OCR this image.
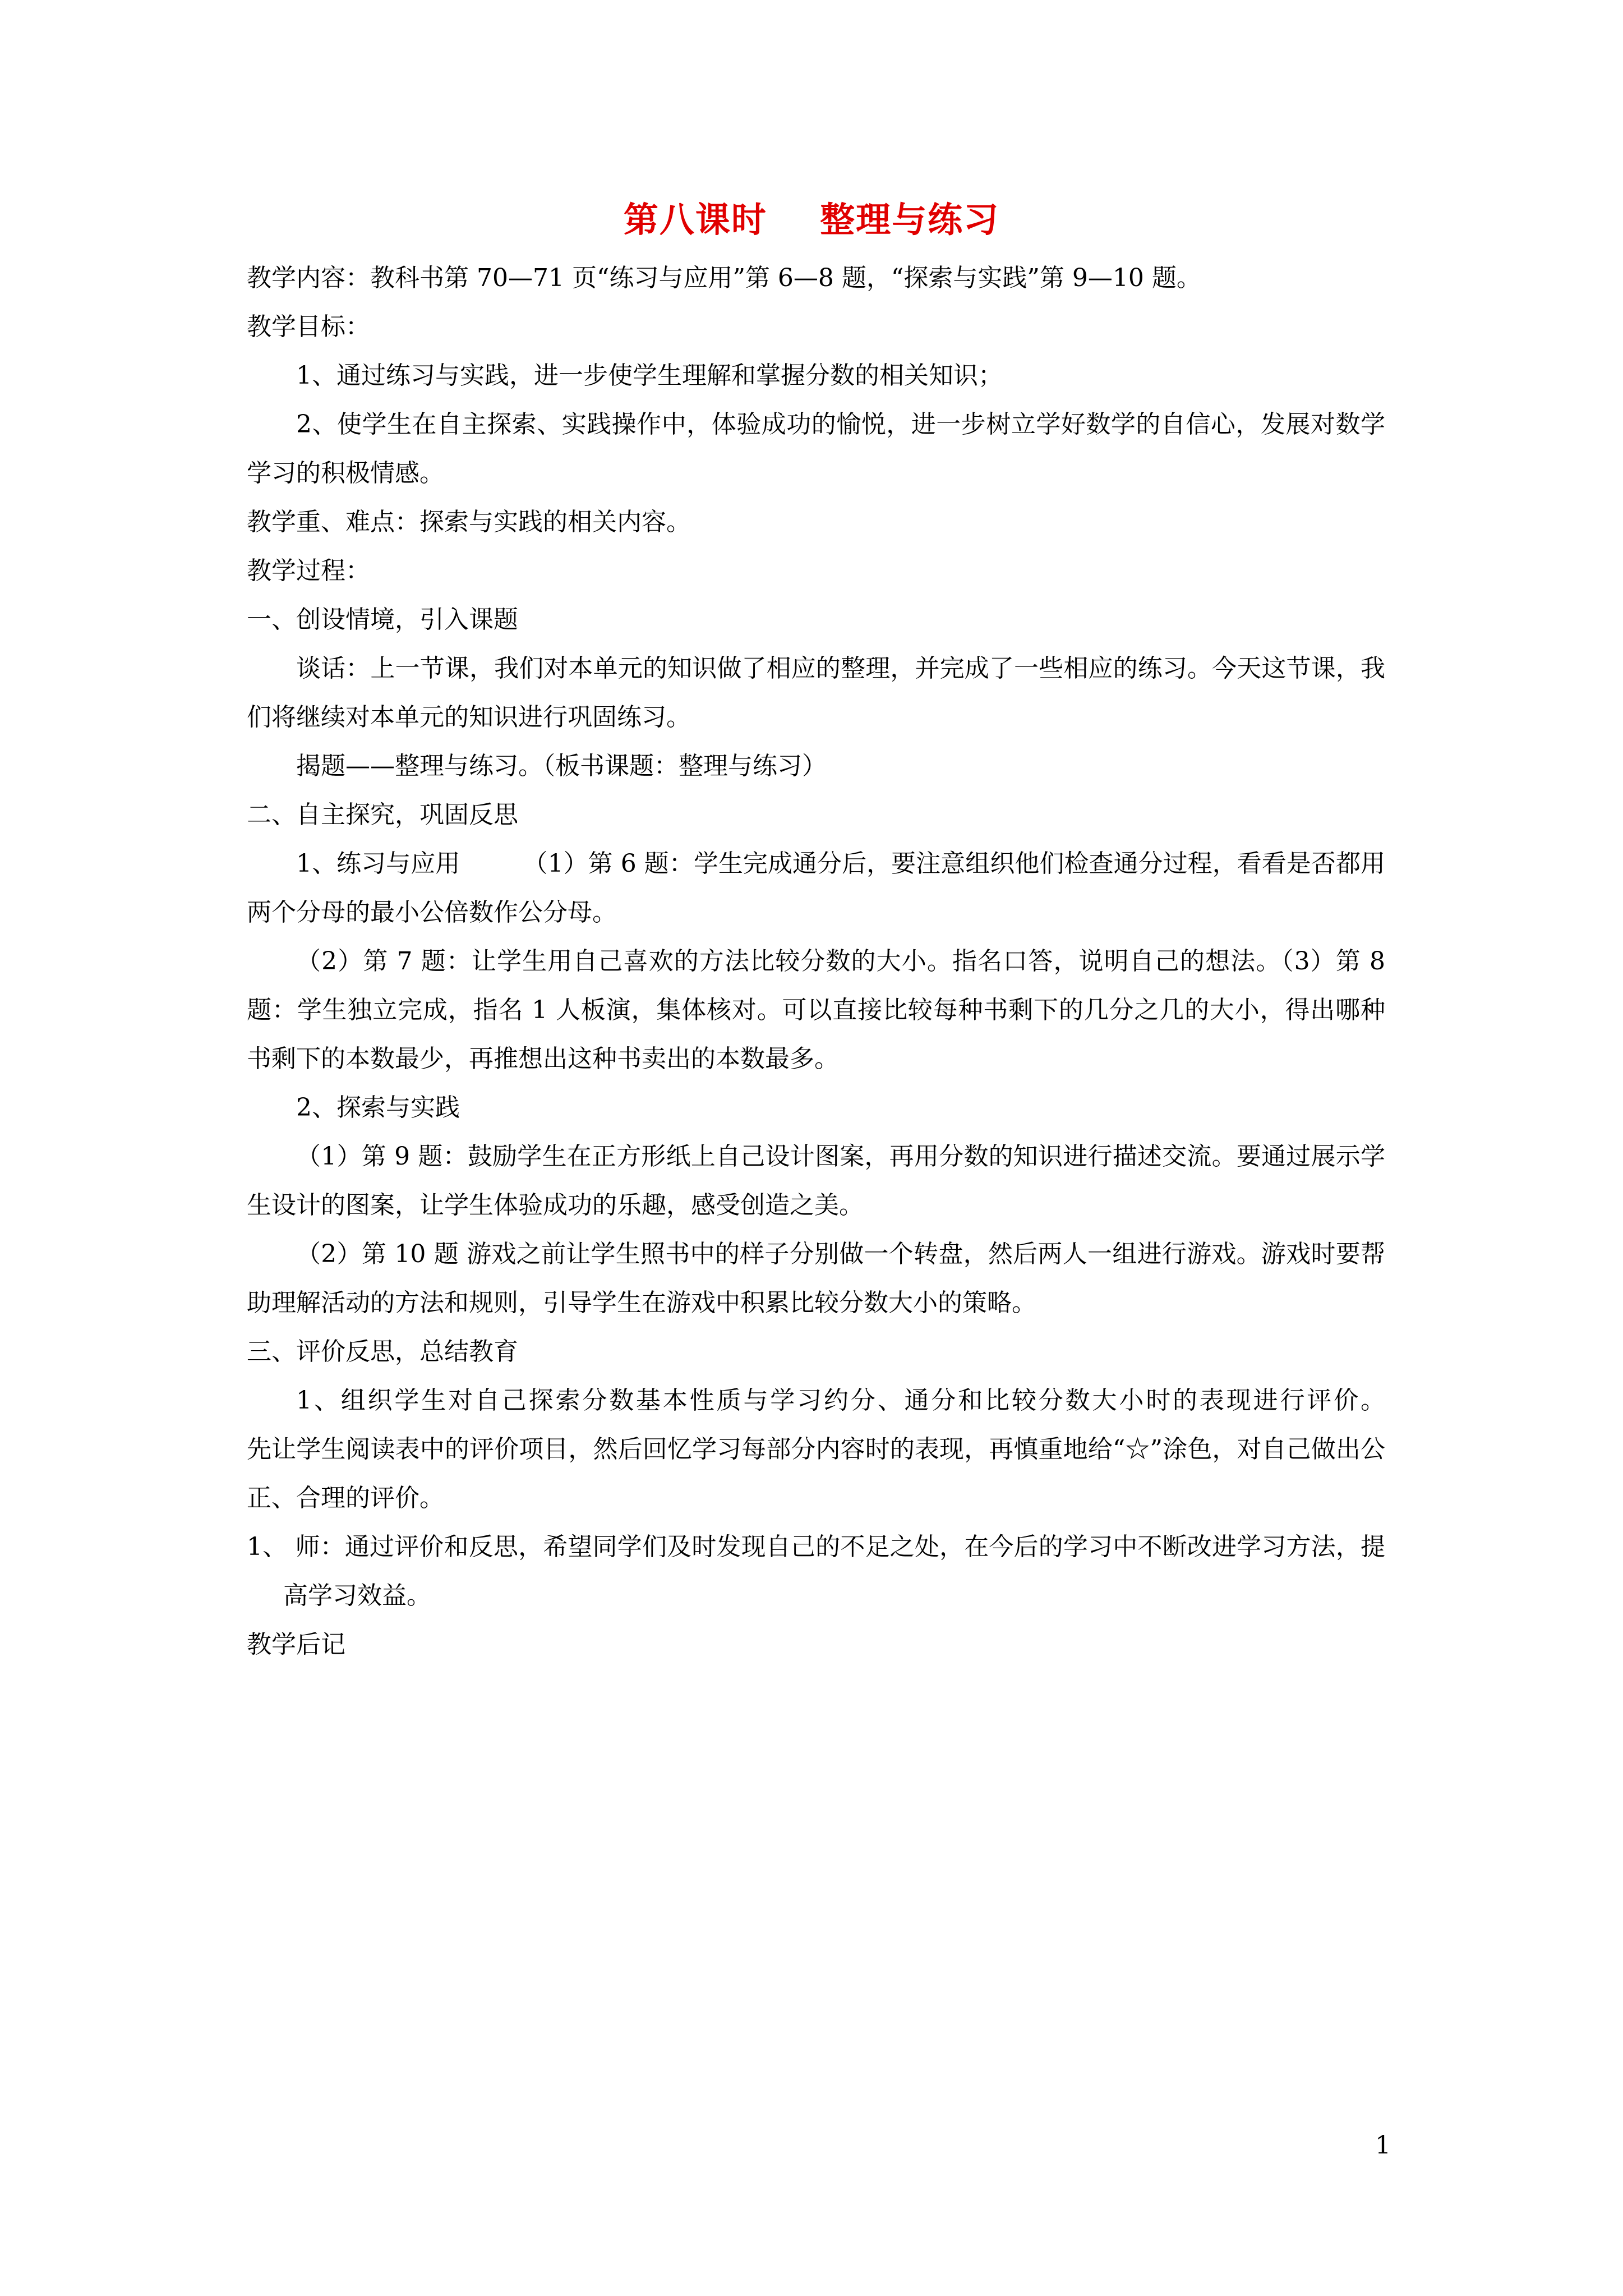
第八课时    整理与练习

教学内容：教科书第 70—71 页“练习与应用”第 6—8 题，“探索与实践”第 9—10 题。

教学目标：

1、通过练习与实践，进一步使学生理解和掌握分数的相关知识；

2、使学生在自主探索、实践操作中，体验成功的愉悦，进一步树立学好数学的自信心，发展对数学学习的积极情感。

教学重、难点：探索与实践的相关内容。

教学过程：

一、创设情境，引入课题

谈话：上一节课，我们对本单元的知识做了相应的整理，并完成了一些相应的练习。今天这节课，我们将继续对本单元的知识进行巩固练习。

揭题——整理与练习。（板书课题：整理与练习）

二、自主探究，巩固反思

1、练习与应用        （1）第 6 题：学生完成通分后，要注意组织他们检查通分过程，看看是否都用两个分母的最小公倍数作公分母。

（2）第 7 题：让学生用自己喜欢的方法比较分数的大小。指名口答，说明自己的想法。（3）第 8 题：学生独立完成，指名 1 人板演，集体核对。可以直接比较每种书剩下的几分之几的大小，得出哪种书剩下的本数最少，再推想出这种书卖出的本数最多。

2、探索与实践

（1）第 9 题：鼓励学生在正方形纸上自己设计图案，再用分数的知识进行描述交流。要通过展示学生设计的图案，让学生体验成功的乐趣，感受创造之美。

（2）第 10 题 游戏之前让学生照书中的样子分别做一个转盘，然后两人一组进行游戏。游戏时要帮助理解活动的方法和规则，引导学生在游戏中积累比较分数大小的策略。

三、评价反思，总结教育

1、组织学生对自己探索分数基本性质与学习约分、通分和比较分数大小时的表现进行评价。        先让学生阅读表中的评价项目，然后回忆学习每部分内容时的表现，再慎重地给“☆”涂色，对自己做出公正、合理的评价。

1、 师：通过评价和反思，希望同学们及时发现自己的不足之处，在今后的学习中不断改进学习方法，提高学习效益。

教学后记

1
